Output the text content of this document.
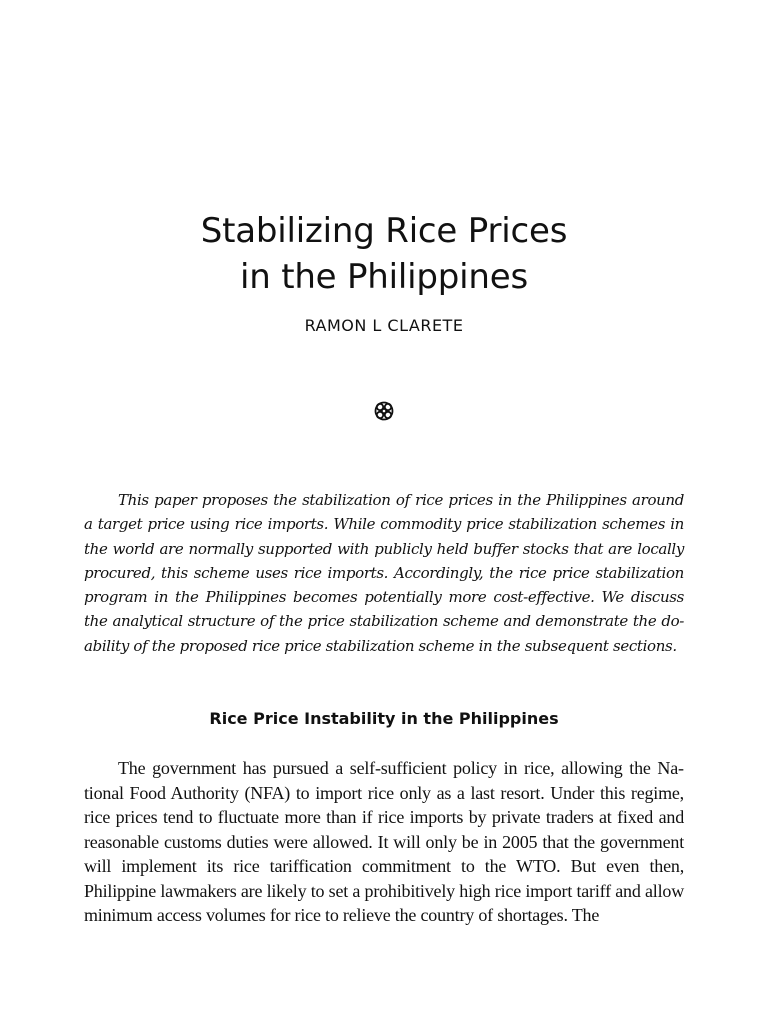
Stabilizing Rice Prices
in the Philippines
RAMON L CLARETE

This paper proposes the stabilization of rice prices in the Philippines around a target price using rice imports. While commodity price stabilization schemes in the world are normally supported with publicly held buffer stocks that are locally procured, this scheme uses rice imports. Accordingly, the rice price stabilization program in the Philippines becomes potentially more cost-effective. We discuss the analytical structure of the price stabilization scheme and demonstrate the do-ability of the proposed rice price stabilization scheme in the subsequent sections.

Rice Price Instability in the Philippines

The government has pursued a self-sufficient policy in rice, allowing the National Food Authority (NFA) to import rice only as a last resort. Under this regime, rice prices tend to fluctuate more than if rice imports by private traders at fixed and reasonable customs duties were allowed. It will only be in 2005 that the government will implement its rice tariffication commitment to the WTO. But even then, Philippine lawmakers are likely to set a prohibitively high rice import tariff and allow minimum access volumes for rice to relieve the country of shortages. The
